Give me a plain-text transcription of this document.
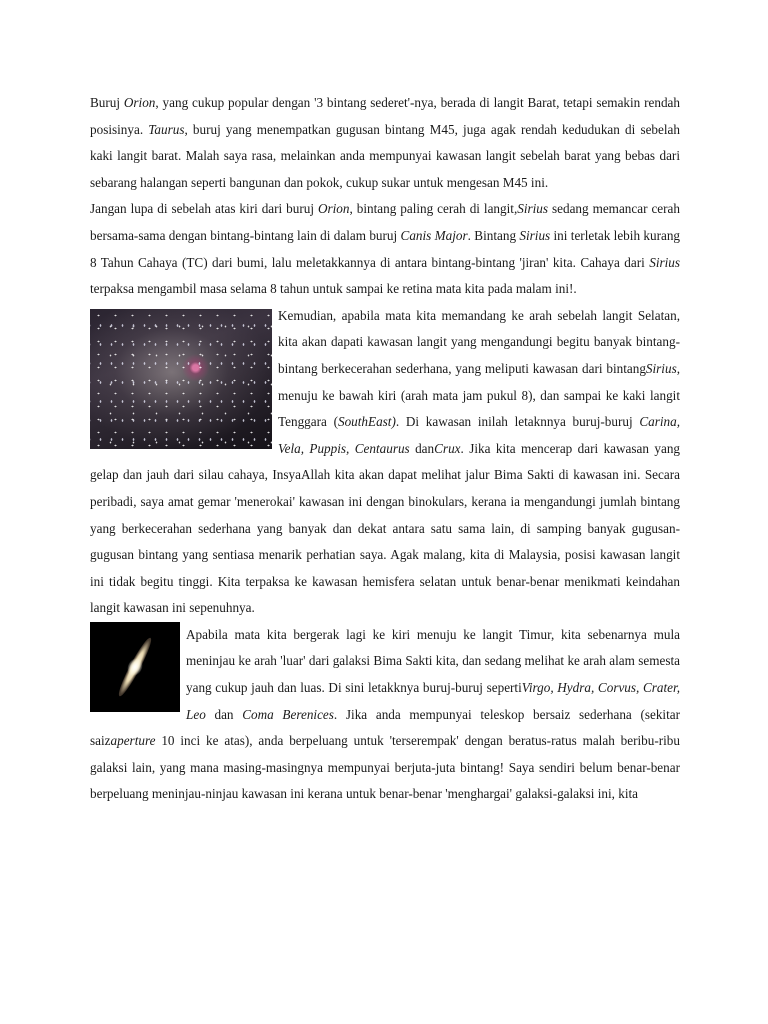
Buruj Orion, yang cukup popular dengan '3 bintang sederet'-nya, berada di langit Barat, tetapi semakin rendah posisinya. Taurus, buruj yang menempatkan gugusan bintang M45, juga agak rendah kedudukan di sebelah kaki langit barat. Malah saya rasa, melainkan anda mempunyai kawasan langit sebelah barat yang bebas dari sebarang halangan seperti bangunan dan pokok, cukup sukar untuk mengesan M45 ini.

Jangan lupa di sebelah atas kiri dari buruj Orion, bintang paling cerah di langit,Sirius sedang memancar cerah bersama-sama dengan bintang-bintang lain di dalam buruj Canis Major. Bintang Sirius ini terletak lebih kurang 8 Tahun Cahaya (TC) dari bumi, lalu meletakkannya di antara bintang-bintang 'jiran' kita. Cahaya dari Sirius terpaksa mengambil masa selama 8 tahun untuk sampai ke retina mata kita pada malam ini!.

Kemudian, apabila mata kita memandang ke arah sebelah langit Selatan, kita akan dapati kawasan langit yang mengandungi begitu banyak bintang-bintang berkecerahan sederhana, yang meliputi kawasan dari bintangSirius, menuju ke bawah kiri (arah mata jam pukul 8), dan sampai ke kaki langit Tenggara (SouthEast). Di kawasan inilah letaknnya buruj-buruj Carina, Vela, Puppis, Centaurus danCrux. Jika kita mencerap dari kawasan yang gelap dan jauh dari silau cahaya, InsyaAllah kita akan dapat melihat jalur Bima Sakti di kawasan ini. Secara peribadi, saya amat gemar 'menerokai' kawasan ini dengan binokulars, kerana ia mengandungi jumlah bintang yang berkecerahan sederhana yang banyak dan dekat antara satu sama lain, di samping banyak gugusan-gugusan bintang yang sentiasa menarik perhatian saya. Agak malang, kita di Malaysia, posisi kawasan langit ini tidak begitu tinggi. Kita terpaksa ke kawasan hemisfera selatan untuk benar-benar menikmati keindahan langit kawasan ini sepenuhnya.

Apabila mata kita bergerak lagi ke kiri menuju ke langit Timur, kita sebenarnya mula meninjau ke arah 'luar' dari galaksi Bima Sakti kita, dan sedang melihat ke arah alam semesta yang cukup jauh dan luas. Di sini letakknya buruj-buruj sepertiVirgo, Hydra, Corvus, Crater, Leo dan Coma Berenices. Jika anda mempunyai teleskop bersaiz sederhana (sekitar saizaperture 10 inci ke atas), anda berpeluang untuk 'terserempak' dengan beratus-ratus malah beribu-ribu galaksi lain, yang mana masing-masingnya mempunyai berjuta-juta bintang! Saya sendiri belum benar-benar berpeluang meninjau-ninjau kawasan ini kerana untuk benar-benar 'menghargai' galaksi-galaksi ini, kita
